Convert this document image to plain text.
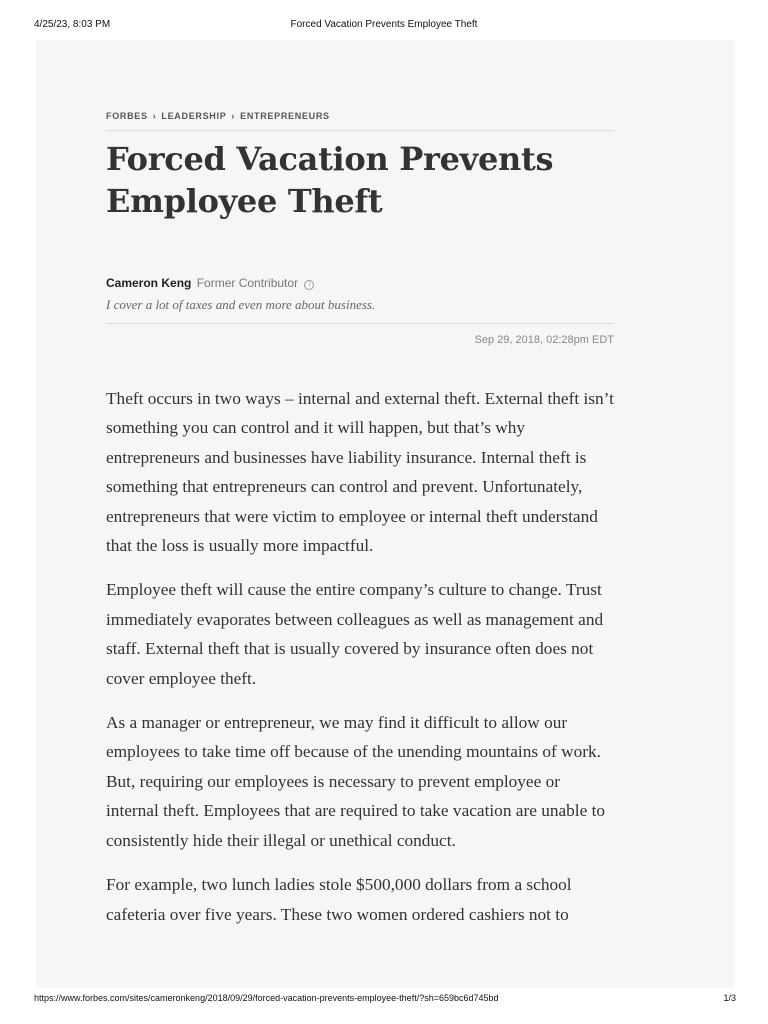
4/25/23, 8:03 PM	Forced Vacation Prevents Employee Theft
FORBES › LEADERSHIP › ENTREPRENEURS
Forced Vacation Prevents Employee Theft
Cameron Keng Former Contributor i
I cover a lot of taxes and even more about business.
Sep 29, 2018, 02:28pm EDT

Theft occurs in two ways – internal and external theft. External theft isn’t something you can control and it will happen, but that’s why entrepreneurs and businesses have liability insurance. Internal theft is something that entrepreneurs can control and prevent. Unfortunately, entrepreneurs that were victim to employee or internal theft understand that the loss is usually more impactful.

Employee theft will cause the entire company’s culture to change. Trust immediately evaporates between colleagues as well as management and staff. External theft that is usually covered by insurance often does not cover employee theft.

As a manager or entrepreneur, we may find it difficult to allow our employees to take time off because of the unending mountains of work. But, requiring our employees is necessary to prevent employee or internal theft. Employees that are required to take vacation are unable to consistently hide their illegal or unethical conduct.

For example, two lunch ladies stole $500,000 dollars from a school cafeteria over five years. These two women ordered cashiers not to

https://www.forbes.com/sites/cameronkeng/2018/09/29/forced-vacation-prevents-employee-theft/?sh=659bc6d745bd	1/3
